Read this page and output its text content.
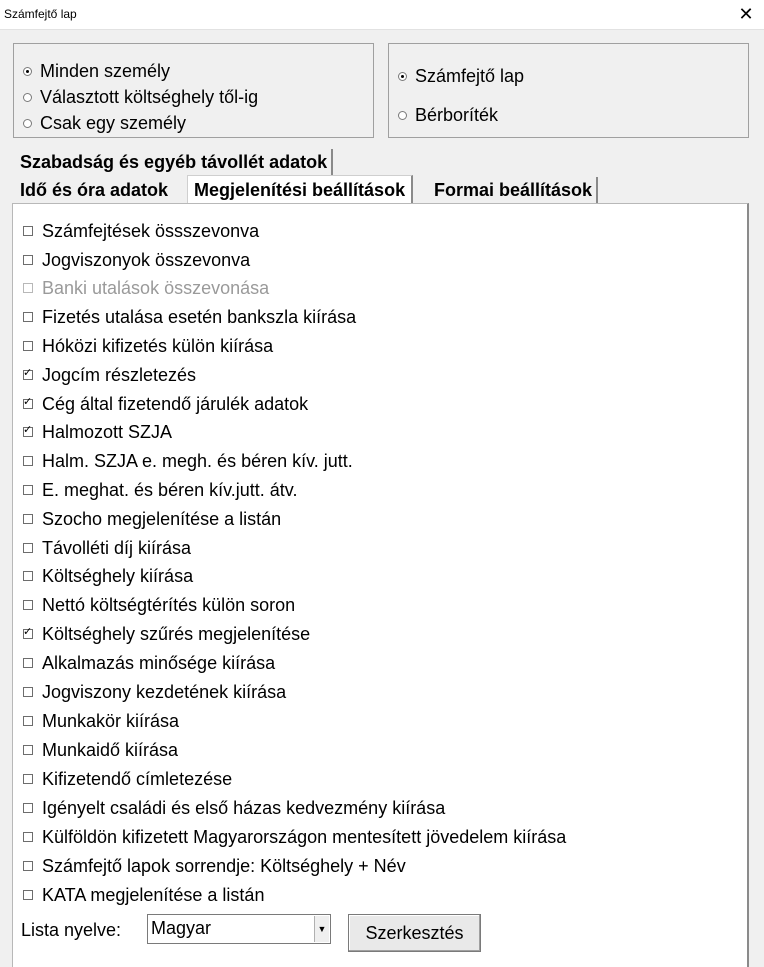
Számfejtő lap	✕
Minden személy
Választott költséghely től-ig
Csak egy személy
Számfejtő lap
Bérboríték
Szabadság és egyéb távollét adatok
Idő és óra adatok	Megjelenítési beállítások	Formai beállítások
Számfejtések össszevonva
Jogviszonyok összevonva
Banki utalások összevonása
Fizetés utalása esetén bankszla kiírása
Hóközi kifizetés külön kiírása
✓
Jogcím részletezés
✓
Cég által fizetendő járulék adatok
✓
Halmozott SZJA
Halm. SZJA e. megh. és béren kív. jutt.
E. meghat. és béren kív.jutt. átv.
Szocho megjelenítése a listán
Távolléti díj kiírása
Költséghely kiírása
Nettó költségtérítés külön soron
✓
Költséghely szűrés megjelenítése
Alkalmazás minősége kiírása
Jogviszony kezdetének kiírása
Munkakör kiírása
Munkaidő kiírása
Kifizetendő címletezése
Igényelt családi és első házas kedvezmény kiírása
Külföldön kifizetett Magyarországon mentesített jövedelem kiírása
Számfejtő lapok sorrendje: Költséghely + Név
KATA megjelenítése a listán
Lista nyelve: Magyar	▼	Szerkesztés
